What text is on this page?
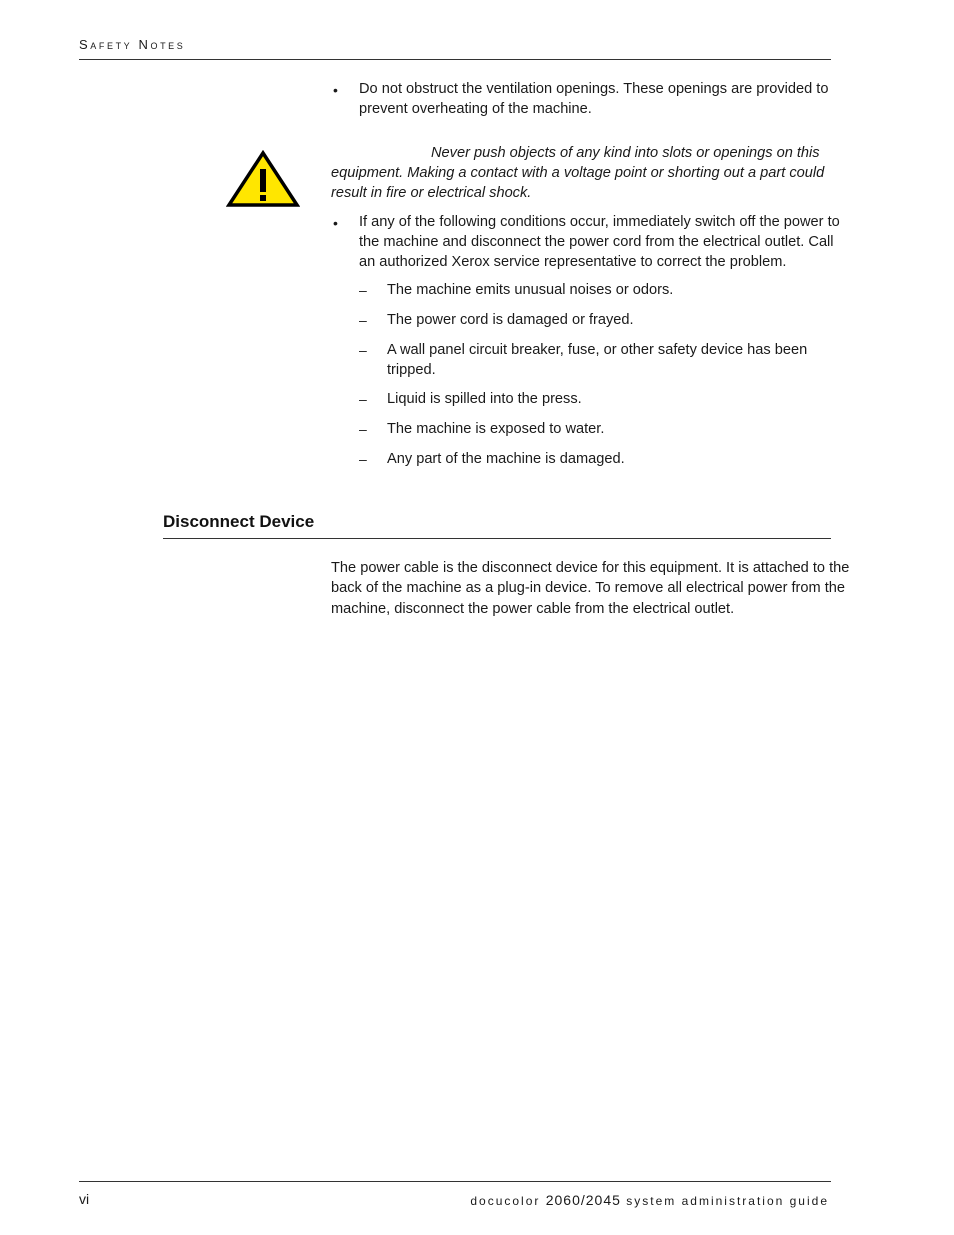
Safety Notes
• Do not obstruct the ventilation openings. These openings are provided to
prevent overheating of the machine.
Never push objects of any kind into slots or openings on this
equipment. Making a contact with a voltage point or shorting out a part could
result in fire or electrical shock.
• If any of the following conditions occur, immediately switch off the power to
the machine and disconnect the power cord from the electrical outlet. Call
an authorized Xerox service representative to correct the problem.
– The machine emits unusual noises or odors.
– The power cord is damaged or frayed.
– A wall panel circuit breaker, fuse, or other safety device has been
tripped.
– Liquid is spilled into the press.
– The machine is exposed to water.
– Any part of the machine is damaged.
Disconnect Device
The power cable is the disconnect device for this equipment. It is attached to the
back of the machine as a plug-in device. To remove all electrical power from the
machine, disconnect the power cable from the electrical outlet.
vi	docucolor 2060/2045 system administration guide
